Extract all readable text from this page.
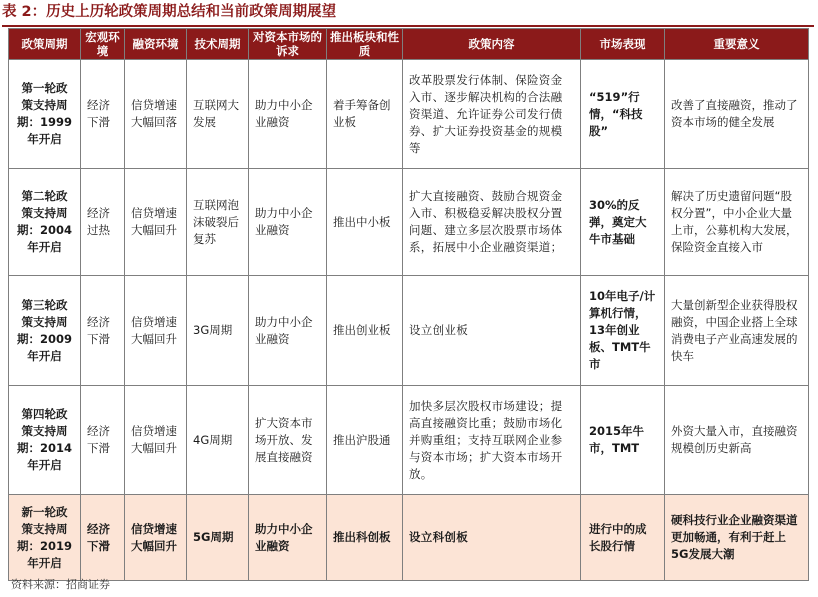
表 2：历史上历轮政策周期总结和当前政策周期展望
政策周期	宏观环境	融资环境	技术周期	对资本市场的诉求	推出板块和性质	政策内容	市场表现	重要意义
第一轮政策支持周期：1999年开启	经济下滑	信贷增速大幅回落	互联网大发展	助力中小企业融资	着手筹备创业板	改革股票发行体制、保险资金入市、逐步解决机构的合法融资渠道、允许证券公司发行债券、扩大证券投资基金的规模等	“519”行情，“科技股”	改善了直接融资，推动了资本市场的健全发展
第二轮政策支持周期：2004年开启	经济过热	信贷增速大幅回升	互联网泡沫破裂后复苏	助力中小企业融资	推出中小板	扩大直接融资、鼓励合规资金入市、积极稳妥解决股权分置问题、建立多层次股票市场体系，拓展中小企业融资渠道；	30%的反弹，奠定大牛市基础	解决了历史遗留问题“股权分置”，中小企业大量上市，公募机构大发展，保险资金直接入市
第三轮政策支持周期：2009年开启	经济下滑	信贷增速大幅回升	3G周期	助力中小企业融资	推出创业板	设立创业板	10年电子/计算机行情，13年创业板、TMT牛市	大量创新型企业获得股权融资，中国企业搭上全球消费电子产业高速发展的快车
第四轮政策支持周期：2014年开启	经济下滑	信贷增速大幅回升	4G周期	扩大资本市场开放、发展直接融资	推出沪股通	加快多层次股权市场建设；提高直接融资比重；鼓励市场化并购重组；支持互联网企业参与资本市场；扩大资本市场开放。	2015年牛市，TMT	外资大量入市，直接融资规模创历史新高
新一轮政策支持周期：2019年开启	经济下滑	信贷增速大幅回升	5G周期	助力中小企业融资	推出科创板	设立科创板	进行中的成长股行情	硬科技行业企业融资渠道更加畅通，有利于赶上5G发展大潮
资料来源：招商证券
